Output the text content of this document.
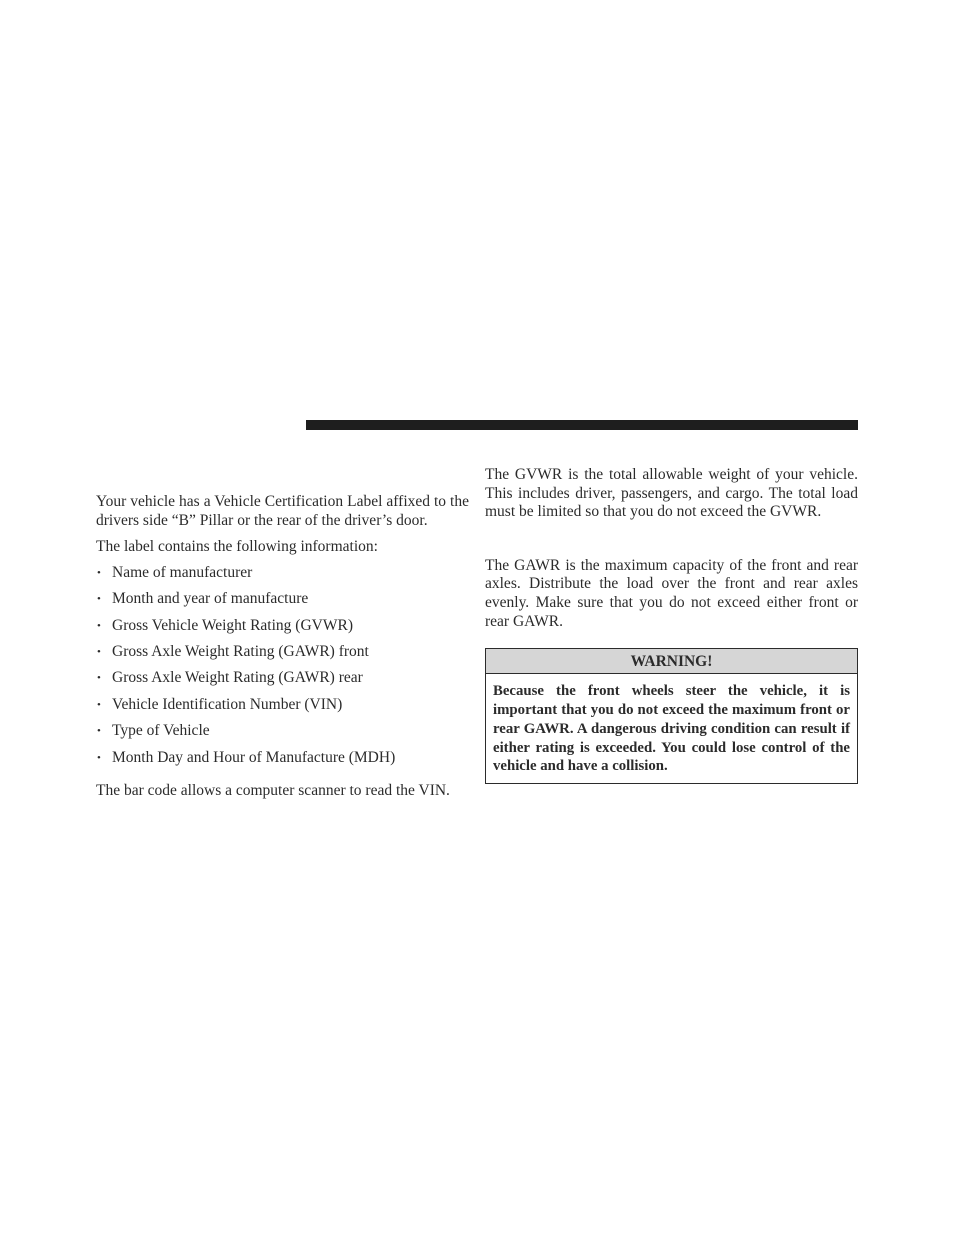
Your vehicle has a Vehicle Certification Label affixed to the drivers side “B” Pillar or the rear of the driver’s door.

The label contains the following information:

• Name of manufacturer
• Month and year of manufacture
• Gross Vehicle Weight Rating (GVWR)
• Gross Axle Weight Rating (GAWR) front
• Gross Axle Weight Rating (GAWR) rear
• Vehicle Identification Number (VIN)
• Type of Vehicle
• Month Day and Hour of Manufacture (MDH)

The bar code allows a computer scanner to read the VIN.

The GVWR is the total allowable weight of your vehicle. This includes driver, passengers, and cargo. The total load must be limited so that you do not exceed the GVWR.

The GAWR is the maximum capacity of the front and rear axles. Distribute the load over the front and rear axles evenly. Make sure that you do not exceed either front or rear GAWR.

WARNING!
Because the front wheels steer the vehicle, it is important that you do not exceed the maximum front or rear GAWR. A dangerous driving condition can result if either rating is exceeded. You could lose control of the vehicle and have a collision.
